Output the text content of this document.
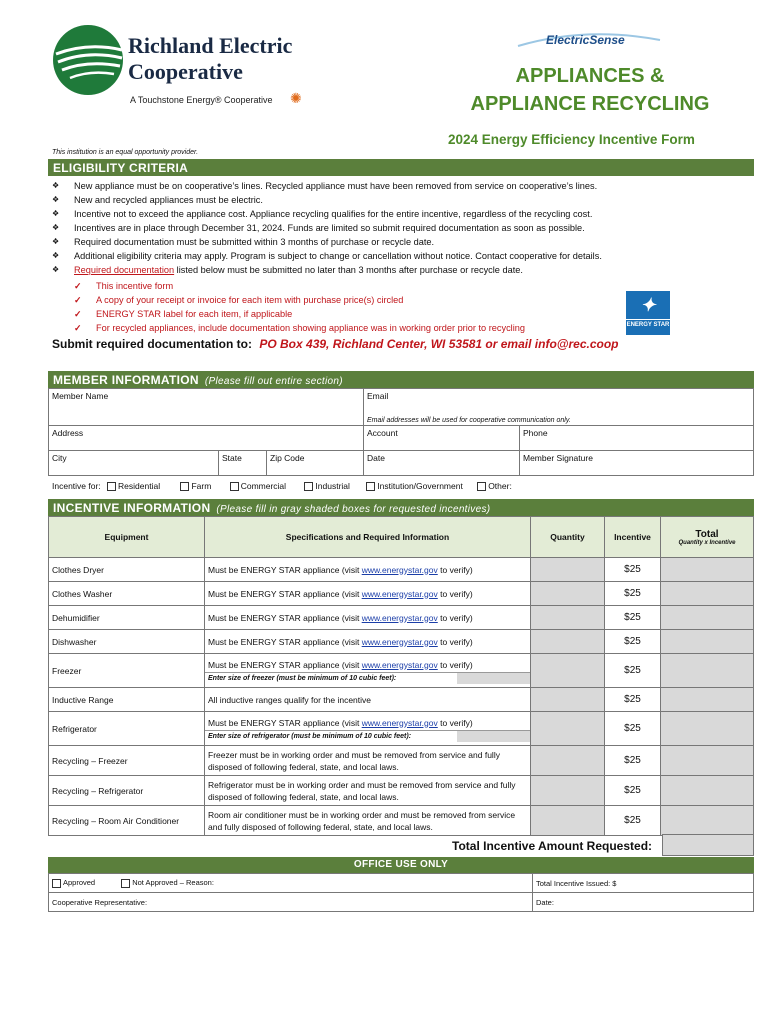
Richland Electric
Cooperative
A Touchstone Energy® Cooperative ✺
ElectricSense
APPLIANCES &
APPLIANCE RECYCLING
2024 Energy Efficiency Incentive Form
This institution is an equal opportunity provider.
ELIGIBILITY CRITERIA
❖ New appliance must be on cooperative’s lines. Recycled appliance must have been removed from service on cooperative’s lines.
❖ New and recycled appliances must be electric.
❖ Incentive not to exceed the appliance cost. Appliance recycling qualifies for the entire incentive, regardless of the recycling cost.
❖ Incentives are in place through December 31, 2024. Funds are limited so submit required documentation as soon as possible.
❖ Required documentation must be submitted within 3 months of purchase or recycle date.
❖ Additional eligibility criteria may apply. Program is subject to change or cancellation without notice. Contact cooperative for details.
❖ Required documentation listed below must be submitted no later than 3 months after purchase or recycle date.
✓ This incentive form
✓ A copy of your receipt or invoice for each item with purchase price(s) circled
✓ ENERGY STAR label for each item, if applicable
✓ For recycled appliances, include documentation showing appliance was in working order prior to recycling
✦
ENERGY STAR
Submit required documentation to: PO Box 439, Richland Center, WI 53581 or email info@rec.coop
MEMBER INFORMATION (Please fill out entire section)
Member Name			Email
Email addresses will be used for cooperative communication only.	

Address			Account	Phone
City	State	Zip Code	Date	Member Signature
Incentive for: Residential	Farm	Commercial	Industrial	Institution/Government	Other:
INCENTIVE INFORMATION (Please fill in gray shaded boxes for requested incentives)
Equipment	Specifications and Required Information	Quantity	Incentive	Total
Quantity x Incentive

Clothes Dryer	Must be ENERGY STAR appliance (visit www.energystar.gov to verify)		$25	
Clothes Washer	Must be ENERGY STAR appliance (visit www.energystar.gov to verify)		$25	
Dehumidifier	Must be ENERGY STAR appliance (visit www.energystar.gov to verify)		$25	
Dishwasher	Must be ENERGY STAR appliance (visit www.energystar.gov to verify)		$25	
Freezer	Must be ENERGY STAR appliance (visit www.energystar.gov to verify)
Enter size of freezer (must be minimum of 10 cubic feet):		$25	
Inductive Range	All inductive ranges qualify for the incentive		$25	
Refrigerator	Must be ENERGY STAR appliance (visit www.energystar.gov to verify)
Enter size of refrigerator (must be minimum of 10 cubic feet):		$25	
Recycling – Freezer	Freezer must be in working order and must be removed from service and fully disposed of following federal, state, and local laws.		$25	
Recycling – Refrigerator	Refrigerator must be in working order and must be removed from service and fully disposed of following federal, state, and local laws.		$25	
Recycling – Room Air Conditioner	Room air conditioner must be in working order and must be removed from service and fully disposed of following federal, state, and local laws.		$25	
Total Incentive Amount Requested:
OFFICE USE ONLY
Approved Not Approved – Reason:	Total Incentive Issued: $
Cooperative Representative:	Date:
